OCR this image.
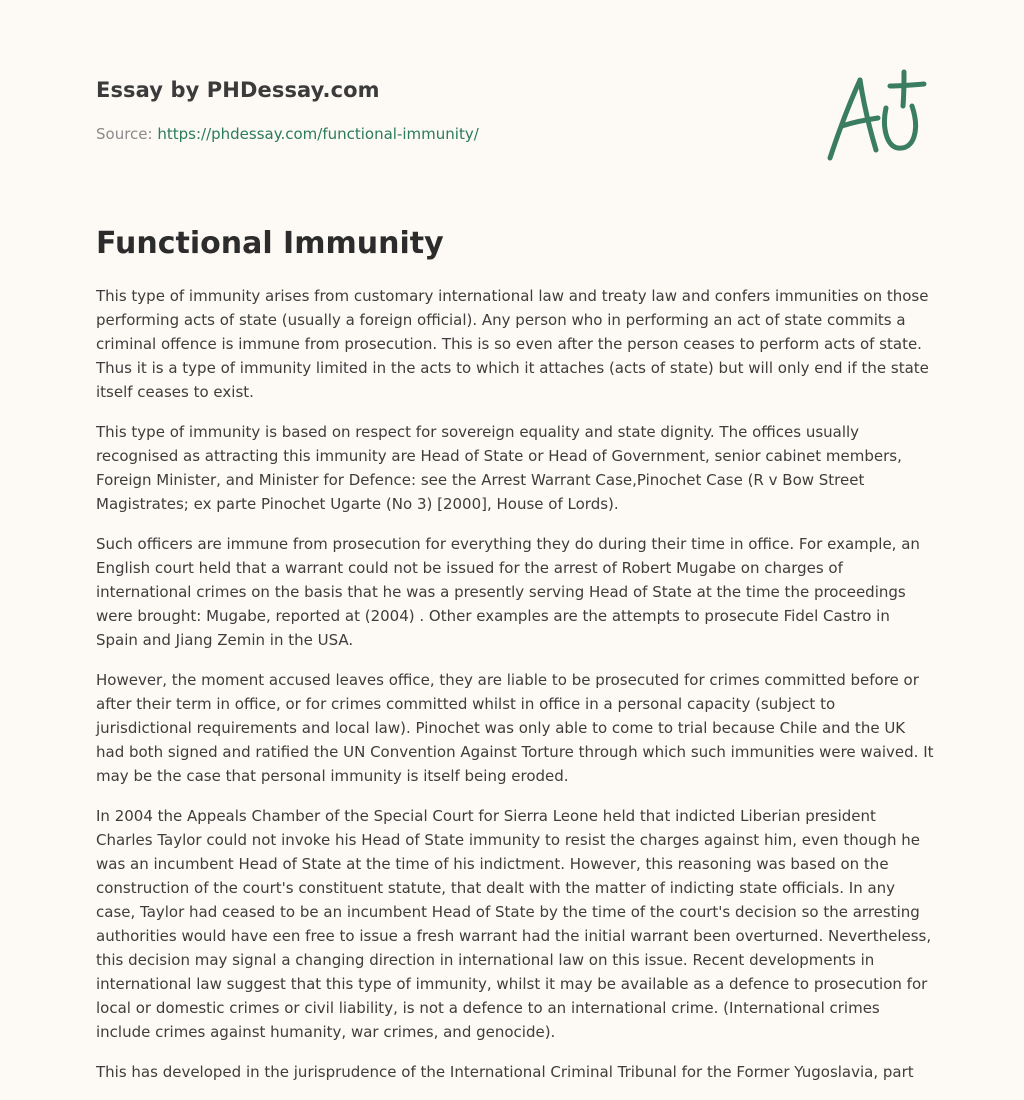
Essay by PHDessay.com
Source: https://phdessay.com/functional-immunity/
Functional Immunity

This type of immunity arises from customary international law and treaty law and confers immunities on those performing acts of state (usually a foreign official). Any person who in performing an act of state commits a criminal offence is immune from prosecution. This is so even after the person ceases to perform acts of state. Thus it is a type of immunity limited in the acts to which it attaches (acts of state) but will only end if the state itself ceases to exist.

This type of immunity is based on respect for sovereign equality and state dignity. The offices usually recognised as attracting this immunity are Head of State or Head of Government, senior cabinet members, Foreign Minister, and Minister for Defence: see the Arrest Warrant Case,Pinochet Case (R v Bow Street Magistrates; ex parte Pinochet Ugarte (No 3) [2000], House of Lords).

Such officers are immune from prosecution for everything they do during their time in office. For example, an English court held that a warrant could not be issued for the arrest of Robert Mugabe on charges of international crimes on the basis that he was a presently serving Head of State at the time the proceedings were brought: Mugabe, reported at (2004) . Other examples are the attempts to prosecute Fidel Castro in Spain and Jiang Zemin in the USA.

However, the moment accused leaves office, they are liable to be prosecuted for crimes committed before or after their term in office, or for crimes committed whilst in office in a personal capacity (subject to jurisdictional requirements and local law). Pinochet was only able to come to trial because Chile and the UK had both signed and ratified the UN Convention Against Torture through which such immunities were waived. It may be the case that personal immunity is itself being eroded.

In 2004 the Appeals Chamber of the Special Court for Sierra Leone held that indicted Liberian president Charles Taylor could not invoke his Head of State immunity to resist the charges against him, even though he was an incumbent Head of State at the time of his indictment. However, this reasoning was based on the construction of the court's constituent statute, that dealt with the matter of indicting state officials. In any case, Taylor had ceased to be an incumbent Head of State by the time of the court's decision so the arresting authorities would have een free to issue a fresh warrant had the initial warrant been overturned. Nevertheless, this decision may signal a changing direction in international law on this issue. Recent developments in international law suggest that this type of immunity, whilst it may be available as a defence to prosecution for local or domestic crimes or civil liability, is not a defence to an international crime. (International crimes include crimes against humanity, war crimes, and genocide).

This has developed in the jurisprudence of the International Criminal Tribunal for the Former Yugoslavia, part
